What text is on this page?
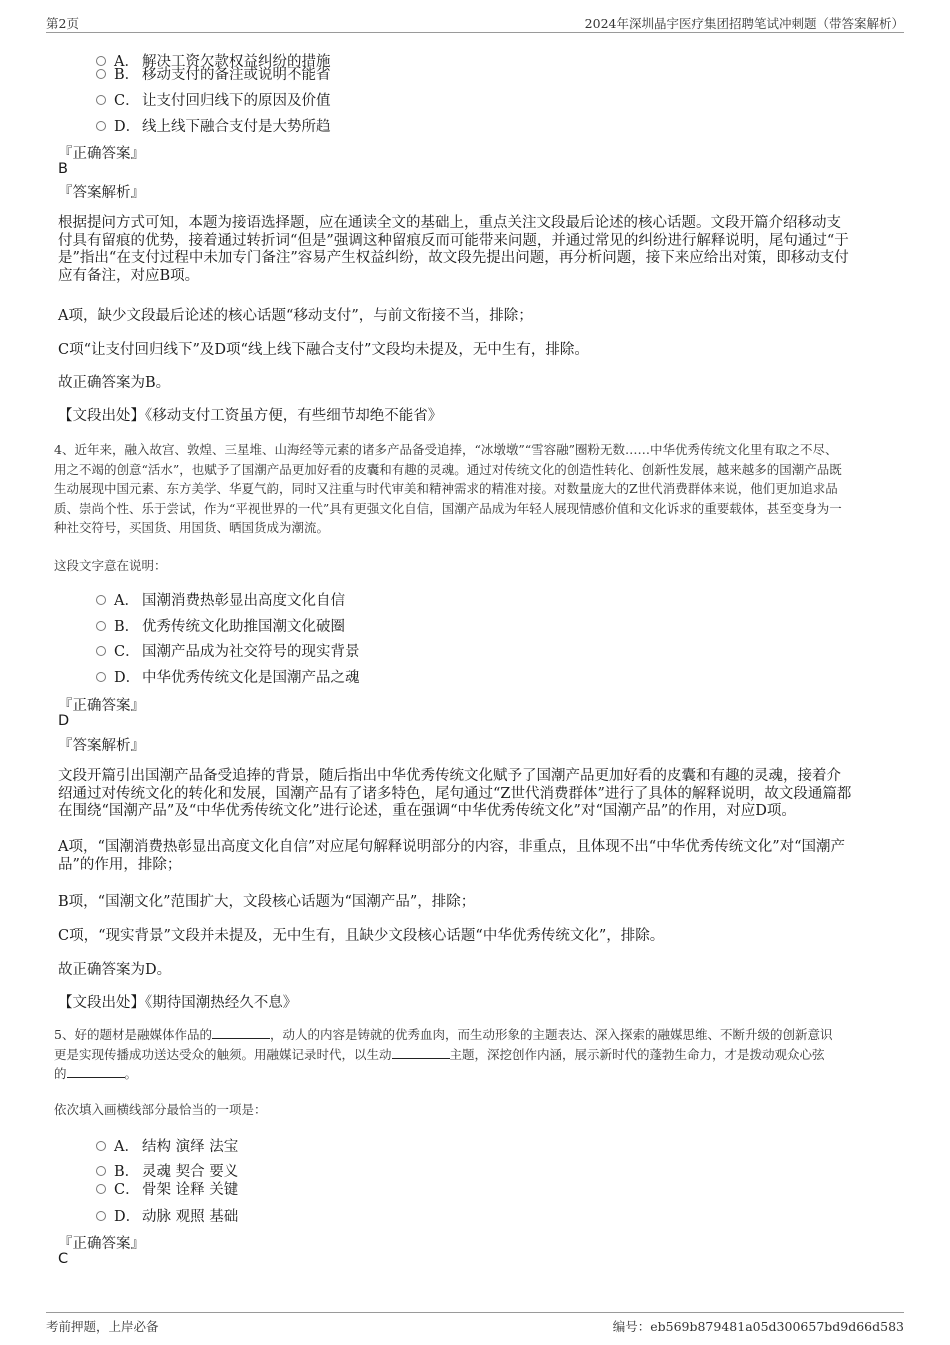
第2页	2024年深圳晶宇医疗集团招聘笔试冲刺题（带答案解析）
A． 解决工资欠款权益纠纷的措施
B． 移动支付的备注或说明不能省
C． 让支付回归线下的原因及价值
D． 线上线下融合支付是大势所趋
『正确答案』
B
『答案解析』
根据提问方式可知，本题为接语选择题，应在通读全文的基础上，重点关注文段最后论述的核心话题。文段开篇介绍移动支
付具有留痕的优势，接着通过转折词“但是”强调这种留痕反而可能带来问题，并通过常见的纠纷进行解释说明，尾句通过“于
是”指出“在支付过程中未加专门备注”容易产生权益纠纷，故文段先提出问题，再分析问题，接下来应给出对策，即移动支付
应有备注，对应B项。
A项，缺少文段最后论述的核心话题“移动支付”，与前文衔接不当，排除；
C项“让支付回归线下”及D项“线上线下融合支付”文段均未提及，无中生有，排除。
故正确答案为B。
【文段出处】《移动支付工资虽方便，有些细节却绝不能省》
4、近年来，融入故宫、敦煌、三星堆、山海经等元素的诸多产品备受追捧，“冰墩墩”“雪容融”圈粉无数……中华优秀传统文化里有取之不尽、
用之不竭的创意“活水”，也赋予了国潮产品更加好看的皮囊和有趣的灵魂。通过对传统文化的创造性转化、创新性发展，越来越多的国潮产品既
生动展现中国元素、东方美学、华夏气韵，同时又注重与时代审美和精神需求的精准对接。对数量庞大的Z世代消费群体来说，他们更加追求品
质、崇尚个性、乐于尝试，作为“平视世界的一代”具有更强文化自信，国潮产品成为年轻人展现情感价值和文化诉求的重要载体，甚至变身为一
种社交符号，买国货、用国货、晒国货成为潮流。
这段文字意在说明：
A． 国潮消费热彰显出高度文化自信
B． 优秀传统文化助推国潮文化破圈
C． 国潮产品成为社交符号的现实背景
D． 中华优秀传统文化是国潮产品之魂
『正确答案』
D
『答案解析』
文段开篇引出国潮产品备受追捧的背景，随后指出中华优秀传统文化赋予了国潮产品更加好看的皮囊和有趣的灵魂，接着介
绍通过对传统文化的转化和发展，国潮产品有了诸多特色，尾句通过“Z世代消费群体”进行了具体的解释说明，故文段通篇都
在围绕“国潮产品”及“中华优秀传统文化”进行论述，重在强调“中华优秀传统文化”对“国潮产品”的作用，对应D项。
A项，“国潮消费热彰显出高度文化自信”对应尾句解释说明部分的内容，非重点，且体现不出“中华优秀传统文化”对“国潮产
品”的作用，排除；
B项，“国潮文化”范围扩大，文段核心话题为“国潮产品”，排除；
C项，“现实背景”文段并未提及，无中生有，且缺少文段核心话题“中华优秀传统文化”，排除。
故正确答案为D。
【文段出处】《期待国潮热经久不息》
5、好的题材是融媒体作品的	，动人的内容是铸就的优秀血肉，而生动形象的主题表达、深入探索的融媒思维、不断升级的创新意识
更是实现传播成功送达受众的触须。用融媒记录时代，以生动	主题，深挖创作内涵，展示新时代的蓬勃生命力，才是拨动观众心弦
的	。
依次填入画横线部分最恰当的一项是：
A． 结构 演绎 法宝
B． 灵魂 契合 要义
C． 骨架 诠释 关键
D． 动脉 观照 基础
『正确答案』
C
考前押题，上岸必备	编号：eb569b879481a05d300657bd9d66d583
